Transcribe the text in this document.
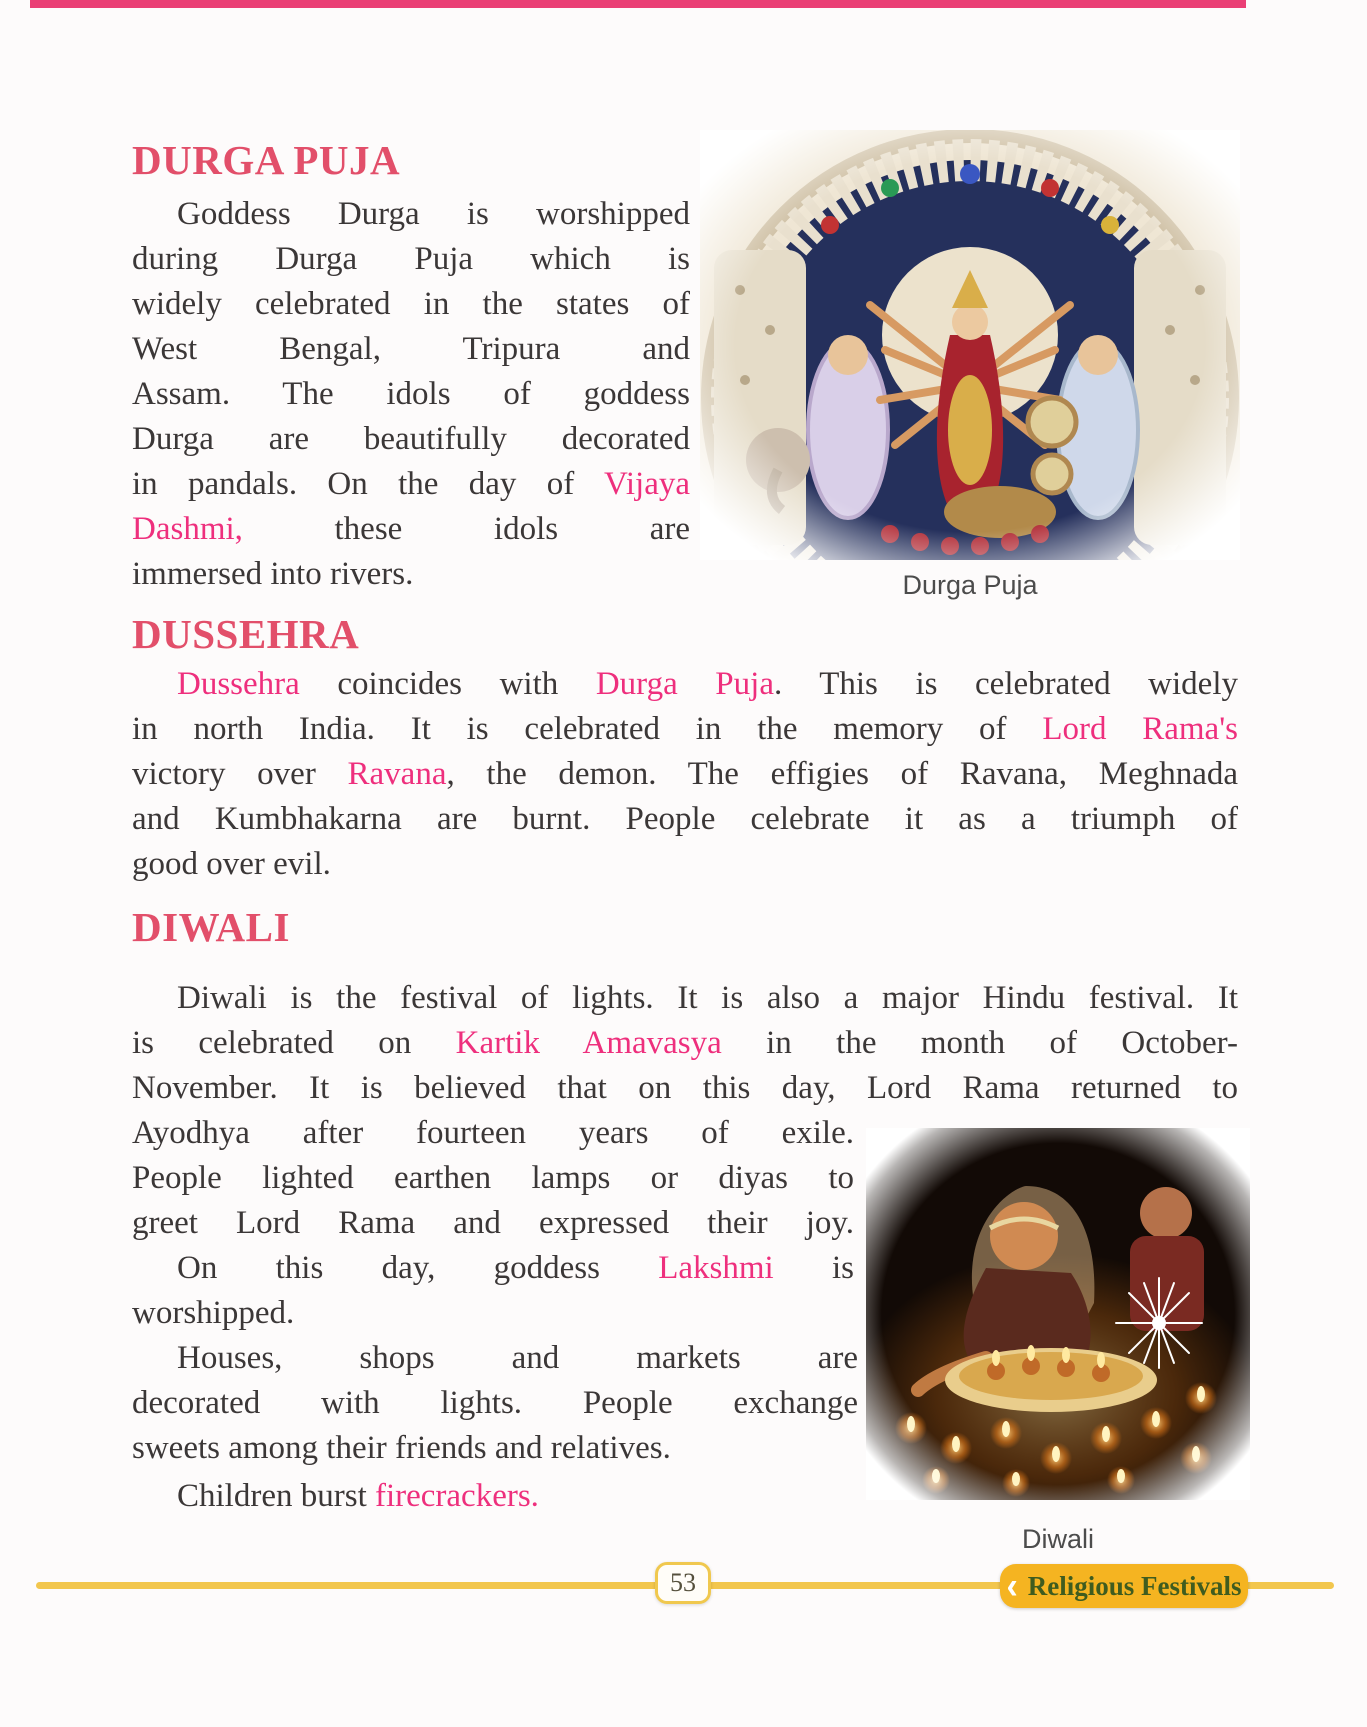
DURGA PUJA
Durga Puja
Goddess Durga is worshipped
during Durga Puja which is
widely celebrated in the states of
West Bengal, Tripura and
Assam. The idols of goddess
Durga are beautifully decorated
in pandals. On the day of Vijaya
Dashmi, these idols are
immersed into rivers.
DUSSEHRA
Dussehra coincides with Durga Puja. This is celebrated widely
in north India. It is celebrated in the memory of Lord Rama's
victory over Ravana, the demon. The effigies of Ravana, Meghnada
and Kumbhakarna are burnt. People celebrate it as a triumph of
good over evil.
DIWALI
Diwali is the festival of lights. It is also a major Hindu festival. It
is celebrated on Kartik Amavasya in the month of October-
November. It is believed that on this day, Lord Rama returned to
Ayodhya after fourteen years of exile.
People lighted earthen lamps or diyas to
greet Lord Rama and expressed their joy.
On this day, goddess Lakshmi is
worshipped.
Houses, shops and markets are
decorated with lights. People exchange
sweets among their friends and relatives.
Children burst firecrackers.
Diwali
53	‹ Religious Festivals
